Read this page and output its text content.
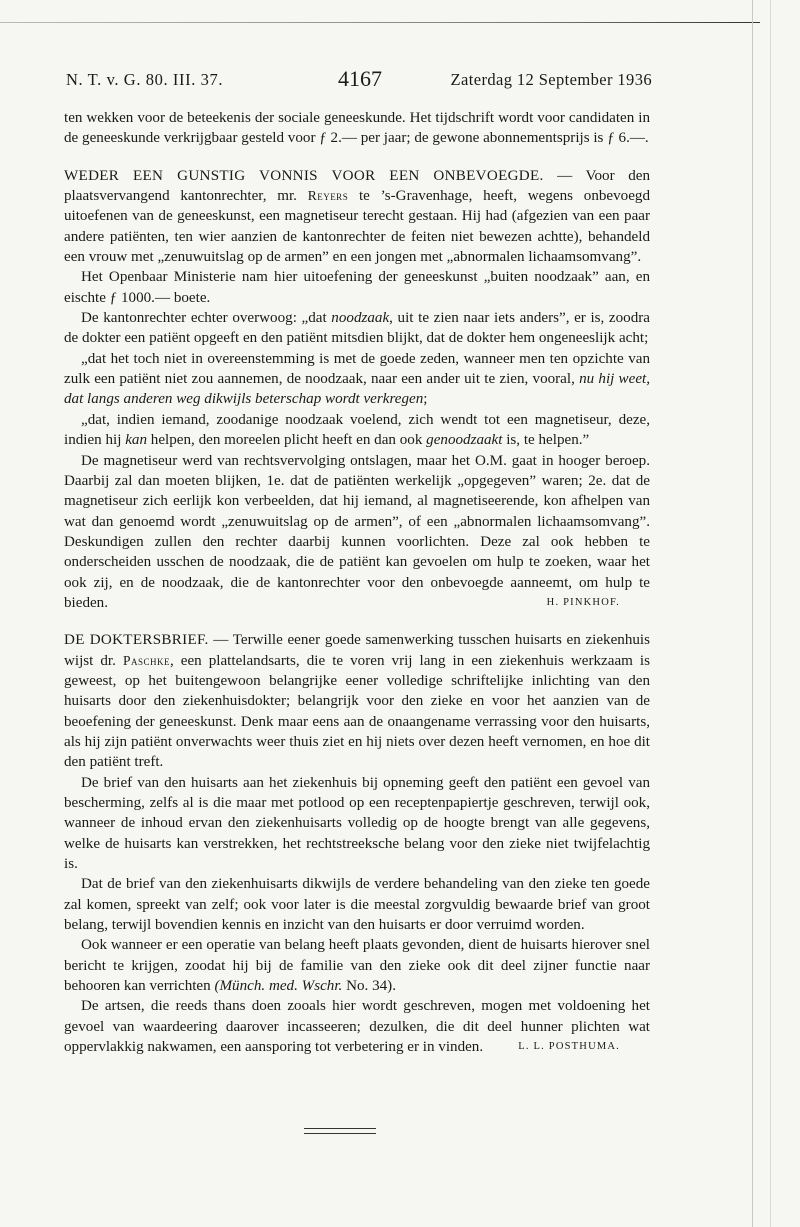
N. T. v. G. 80. III. 37.	4167	Zaterdag 12 September 1936

ten wekken voor de beteekenis der sociale geneeskunde. Het tijdschrift wordt voor candidaten in de geneeskunde verkrijgbaar gesteld voor ƒ 2.— per jaar; de gewone abonnementsprijs is ƒ 6.—.

WEDER EEN GUNSTIG VONNIS VOOR EEN ONBEVOEGDE. — Voor den plaatsvervangend kantonrechter, mr. Reyers te ’s-Gravenhage, heeft, wegens onbevoegd uitoefenen van de geneeskunst, een magnetiseur terecht gestaan. Hij had (afgezien van een paar andere patiënten, ten wier aanzien de kantonrechter de feiten niet bewezen achtte), behandeld een vrouw met „zenuwuitslag op de armen” en een jongen met „abnormalen lichaamsomvang”.

Het Openbaar Ministerie nam hier uitoefening der geneeskunst „buiten noodzaak” aan, en eischte ƒ 1000.— boete.

De kantonrechter echter overwoog: „dat noodzaak, uit te zien naar iets anders”, er is, zoodra de dokter een patiënt opgeeft en den patiënt mitsdien blijkt, dat de dokter hem ongeneeslijk acht;

„dat het toch niet in overeenstemming is met de goede zeden, wanneer men ten opzichte van zulk een patiënt niet zou aannemen, de noodzaak, naar een ander uit te zien, vooral, nu hij weet, dat langs anderen weg dikwijls beterschap wordt verkregen;

„dat, indien iemand, zoodanige noodzaak voelend, zich wendt tot een magnetiseur, deze, indien hij kan helpen, den moreelen plicht heeft en dan ook genoodzaakt is, te helpen.”

De magnetiseur werd van rechtsvervolging ontslagen, maar het O.M. gaat in hooger beroep. Daarbij zal dan moeten blijken, 1e. dat de patiënten werkelijk „opgegeven” waren; 2e. dat de magnetiseur zich eerlijk kon verbeelden, dat hij iemand, al magnetiseerende, kon afhelpen van wat dan genoemd wordt „zenuwuitslag op de armen”, of een „abnormalen lichaamsomvang”. Deskundigen zullen den rechter daarbij kunnen voorlichten. Deze zal ook hebben te onderscheiden usschen de noodzaak, die de patiënt kan gevoelen om hulp te zoeken, waar het ook zij, en de noodzaak, die de kantonrechter voor den onbevoegde aanneemt, om hulp te bieden.	H. PINKHOF.

DE DOKTERSBRIEF. — Terwille eener goede samenwerking tusschen huisarts en ziekenhuis wijst dr. Paschke, een plattelandsarts, die te voren vrij lang in een ziekenhuis werkzaam is geweest, op het buitengewoon belangrijke eener volledige schriftelijke inlichting van den huisarts door den ziekenhuisdokter; belangrijk voor den zieke en voor het aanzien van de beoefening der geneeskunst. Denk maar eens aan de onaangename verrassing voor den huisarts, als hij zijn patiënt onverwachts weer thuis ziet en hij niets over dezen heeft vernomen, en hoe dit den patiënt treft.

De brief van den huisarts aan het ziekenhuis bij opneming geeft den patiënt een gevoel van bescherming, zelfs al is die maar met potlood op een receptenpapiertje geschreven, terwijl ook, wanneer de inhoud ervan den ziekenhuisarts volledig op de hoogte brengt van alle gegevens, welke de huisarts kan verstrekken, het rechtstreeksche belang voor den zieke niet twijfelachtig is.

Dat de brief van den ziekenhuisarts dikwijls de verdere behandeling van den zieke ten goede zal komen, spreekt van zelf; ook voor later is die meestal zorgvuldig bewaarde brief van groot belang, terwijl bovendien kennis en inzicht van den huisarts er door verruimd worden.

Ook wanneer er een operatie van belang heeft plaats gevonden, dient de huisarts hierover snel bericht te krijgen, zoodat hij bij de familie van den zieke ook dit deel zijner functie naar behooren kan verrichten (Münch. med. Wschr. No. 34).

De artsen, die reeds thans doen zooals hier wordt geschreven, mogen met voldoening het gevoel van waardeering daarover incasseeren; dezulken, die dit deel hunner plichten wat oppervlakkig nakwamen, een aansporing tot verbetering er in vinden.	L. L. POSTHUMA.
